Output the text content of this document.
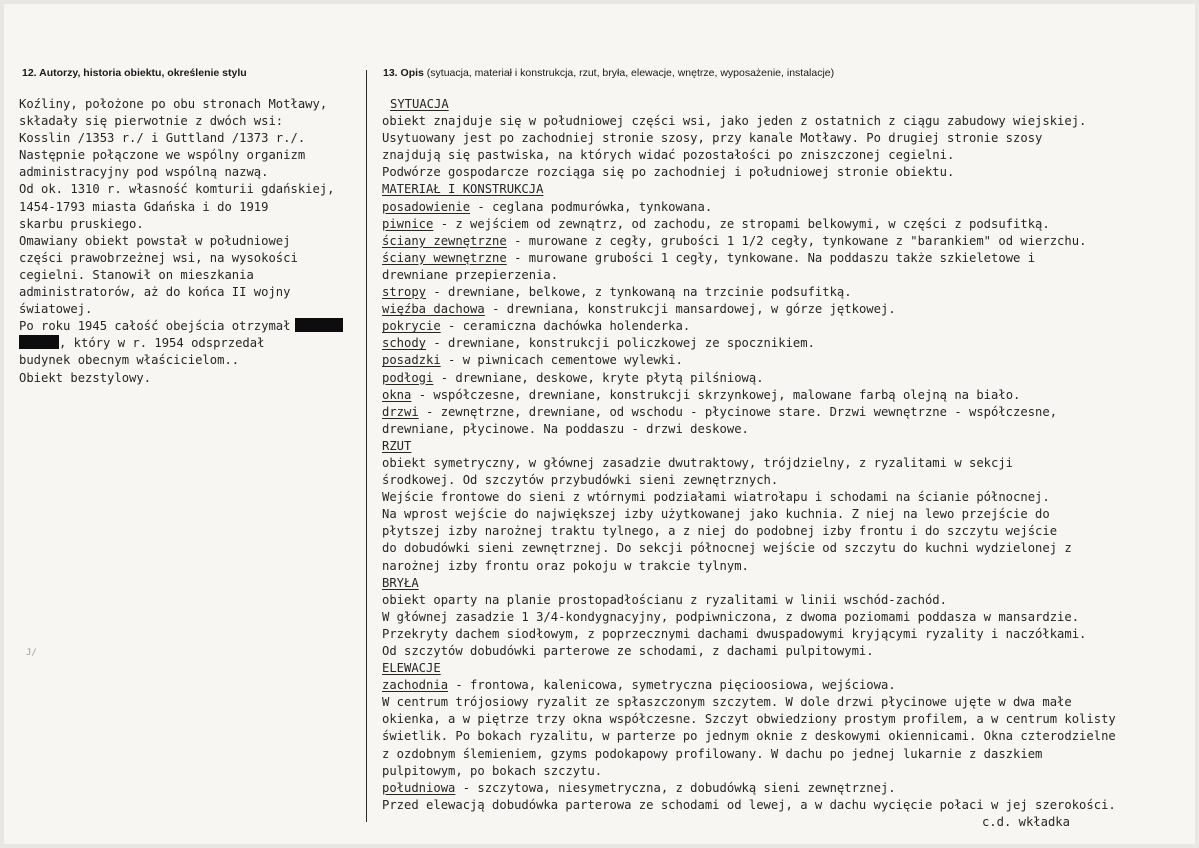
12. Autorzy, historia obiektu, określenie stylu	13. Opis (sytuacja, materiał i konstrukcja, rzut, bryła, elewacje, wnętrze, wyposażenie, instalacje)
Koźliny, położone po obu stronach Motławy,
składały się pierwotnie z dwóch wsi:
Kosslin /1353 r./ i Guttland /1373 r./.
Następnie połączone we wspólny organizm
administracyjny pod wspólną nazwą.
Od ok. 1310 r. własność komturii gdańskiej,
1454-1793 miasta Gdańska i do 1919
skarbu pruskiego.
Omawiany obiekt powstał w południowej
części prawobrzeżnej wsi, na wysokości
cegielni. Stanowił on mieszkania
administratorów, aż do końca II wojny
światowej.
Po roku 1945 całość obejścia otrzymał
, który w r. 1954 odsprzedał
budynek obecnym właścicielom..
Obiekt bezstylowy.
SYTUACJA
obiekt znajduje się w południowej części wsi, jako jeden z ostatnich z ciągu zabudowy wiejskiej.
Usytuowany jest po zachodniej stronie szosy, przy kanale Motławy. Po drugiej stronie szosy
znajdują się pastwiska, na których widać pozostałości po zniszczonej cegielni.
Podwórze gospodarcze rozciąga się po zachodniej i południowej stronie obiektu.
MATERIAŁ I KONSTRUKCJA
posadowienie - ceglana podmurówka, tynkowana.
piwnice - z wejściem od zewnątrz, od zachodu, ze stropami belkowymi, w części z podsufitką.
ściany zewnętrzne - murowane z cegły, grubości 1 1/2 cegły, tynkowane z "barankiem" od wierzchu.
ściany wewnętrzne - murowane grubości 1 cegły, tynkowane. Na poddaszu także szkieletowe i
drewniane przepierzenia.
stropy - drewniane, belkowe, z tynkowaną na trzcinie podsufitką.
więźba dachowa - drewniana, konstrukcji mansardowej, w górze jętkowej.
pokrycie - ceramiczna dachówka holenderka.
schody - drewniane, konstrukcji policzkowej ze spocznikiem.
posadzki - w piwnicach cementowe wylewki.
podłogi - drewniane, deskowe, kryte płytą pilśniową.
okna - współczesne, drewniane, konstrukcji skrzynkowej, malowane farbą olejną na biało.
drzwi - zewnętrzne, drewniane, od wschodu - płycinowe stare. Drzwi wewnętrzne - współczesne,
drewniane, płycinowe. Na poddaszu - drzwi deskowe.
RZUT
obiekt symetryczny, w głównej zasadzie dwutraktowy, trójdzielny, z ryzalitami w sekcji
środkowej. Od szczytów przybudówki sieni zewnętrznych.
Wejście frontowe do sieni z wtórnymi podziałami wiatrołapu i schodami na ścianie północnej.
Na wprost wejście do największej izby użytkowanej jako kuchnia. Z niej na lewo przejście do
płytszej izby narożnej traktu tylnego, a z niej do podobnej izby frontu i do szczytu wejście
do dobudówki sieni zewnętrznej. Do sekcji północnej wejście od szczytu do kuchni wydzielonej z
narożnej izby frontu oraz pokoju w trakcie tylnym.
BRYŁA
obiekt oparty na planie prostopadłościanu z ryzalitami w linii wschód-zachód.
W głównej zasadzie 1 3/4-kondygnacyjny, podpiwniczona, z dwoma poziomami poddasza w mansardzie.
Przekryty dachem siodłowym, z poprzecznymi dachami dwuspadowymi kryjącymi ryzality i naczółkami.
Od szczytów dobudówki parterowe ze schodami, z dachami pulpitowymi.
ELEWACJE
zachodnia - frontowa, kalenicowa, symetryczna pięcioosiowa, wejściowa.
W centrum trójosiowy ryzalit ze spłaszczonym szczytem. W dole drzwi płycinowe ujęte w dwa małe
okienka, a w piętrze trzy okna współczesne. Szczyt obwiedziony prostym profilem, a w centrum kolisty
świetlik. Po bokach ryzalitu, w parterze po jednym oknie z deskowymi okiennicami. Okna czterodzielne
z ozdobnym ślemieniem, gzyms podokapowy profilowany. W dachu po jednej lukarnie z daszkiem
pulpitowym, po bokach szczytu.
południowa - szczytowa, niesymetryczna, z dobudówką sieni zewnętrznej.
Przed elewacją dobudówka parterowa ze schodami od lewej, a w dachu wycięcie połaci w jej szerokości.
c.d. wkładka
J/
